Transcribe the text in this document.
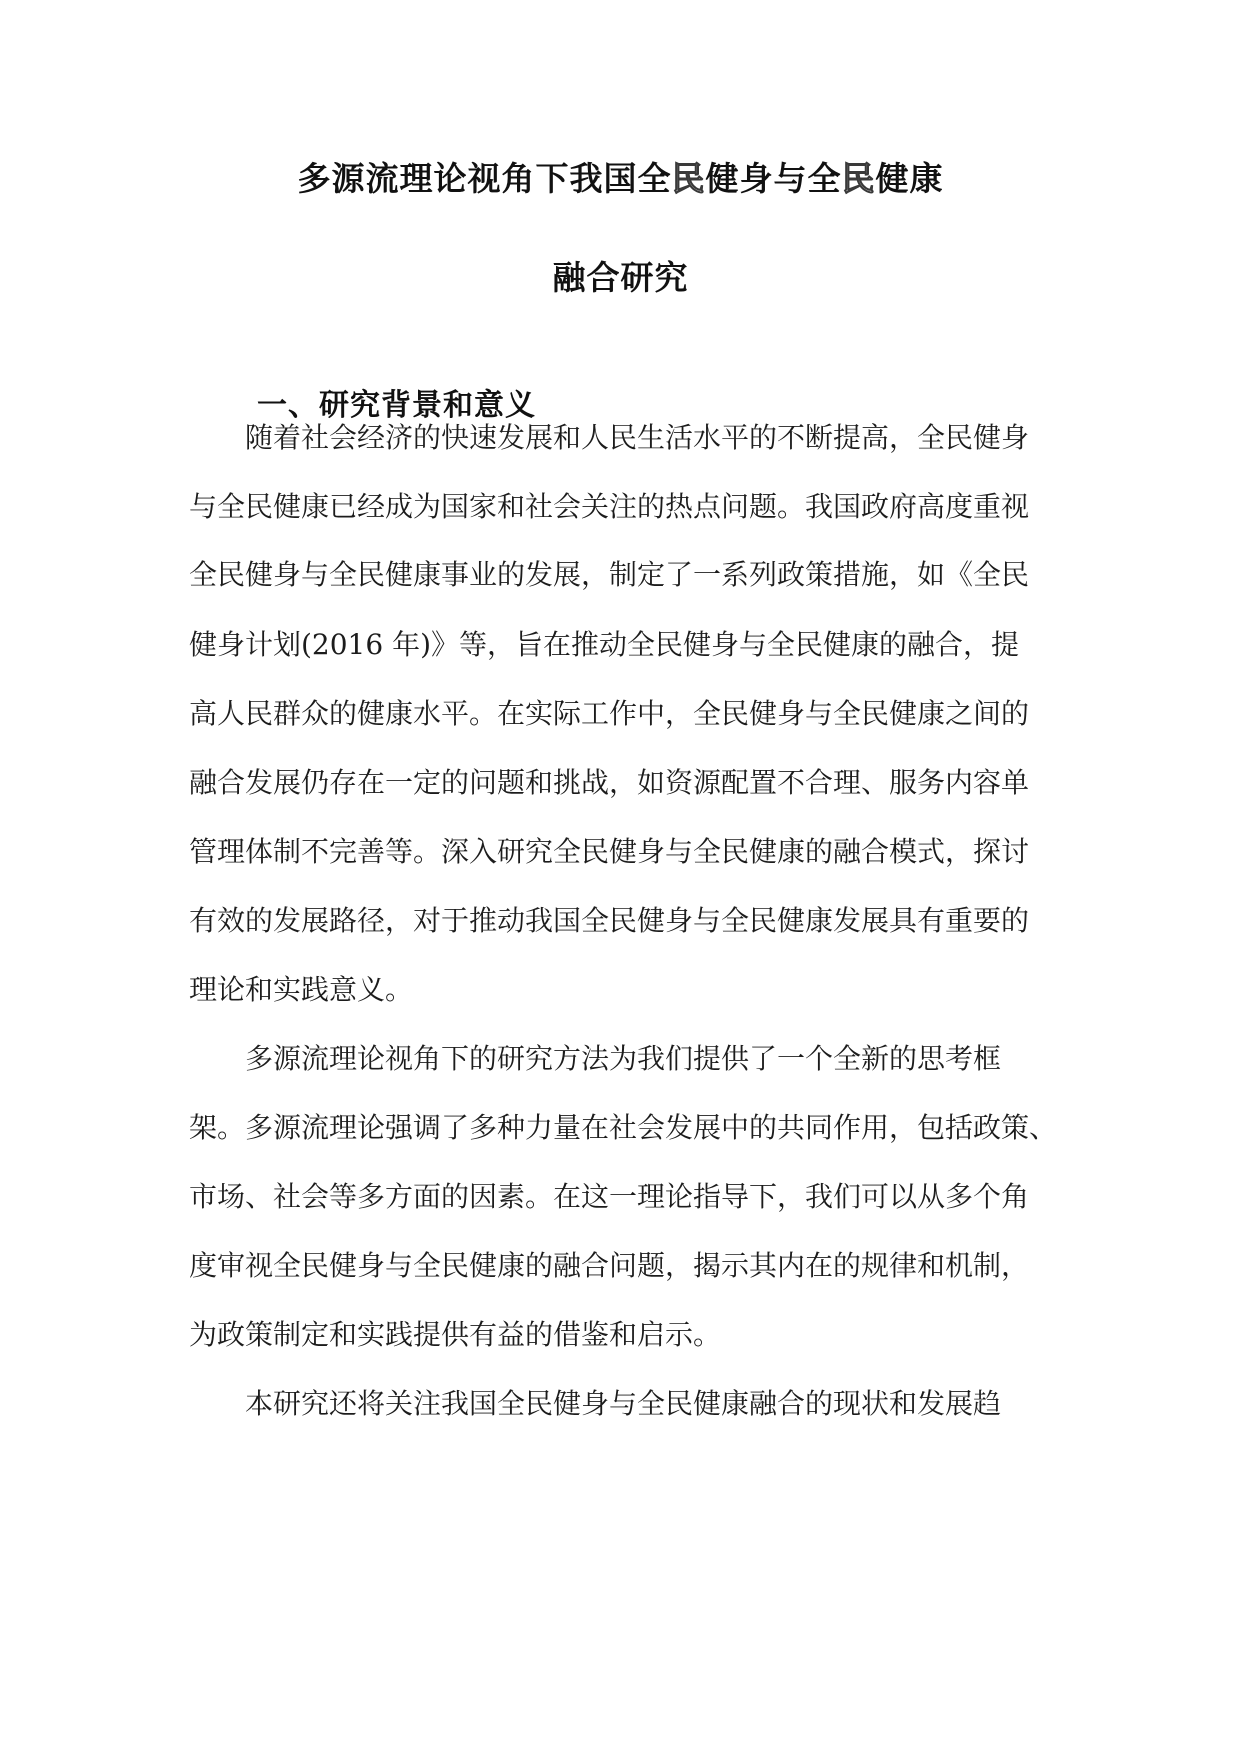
多源流理论视角下我国全民健身与全民健康
融合研究
一、研究背景和意义
随着社会经济的快速发展和人民生活水平的不断提高，全民健身
与全民健康已经成为国家和社会关注的热点问题。我国政府高度重视
全民健身与全民健康事业的发展，制定了一系列政策措施，如《全民
健身计划(2016 年)》等，旨在推动全民健身与全民健康的融合，提
高人民群众的健康水平。在实际工作中，全民健身与全民健康之间的
融合发展仍存在一定的问题和挑战，如资源配置不合理、服务内容单
管理体制不完善等。深入研究全民健身与全民健康的融合模式，探讨
有效的发展路径，对于推动我国全民健身与全民健康发展具有重要的
理论和实践意义。
多源流理论视角下的研究方法为我们提供了一个全新的思考框
架。多源流理论强调了多种力量在社会发展中的共同作用，包括政策、
市场、社会等多方面的因素。在这一理论指导下，我们可以从多个角
度审视全民健身与全民健康的融合问题，揭示其内在的规律和机制，
为政策制定和实践提供有益的借鉴和启示。
本研究还将关注我国全民健身与全民健康融合的现状和发展趋
